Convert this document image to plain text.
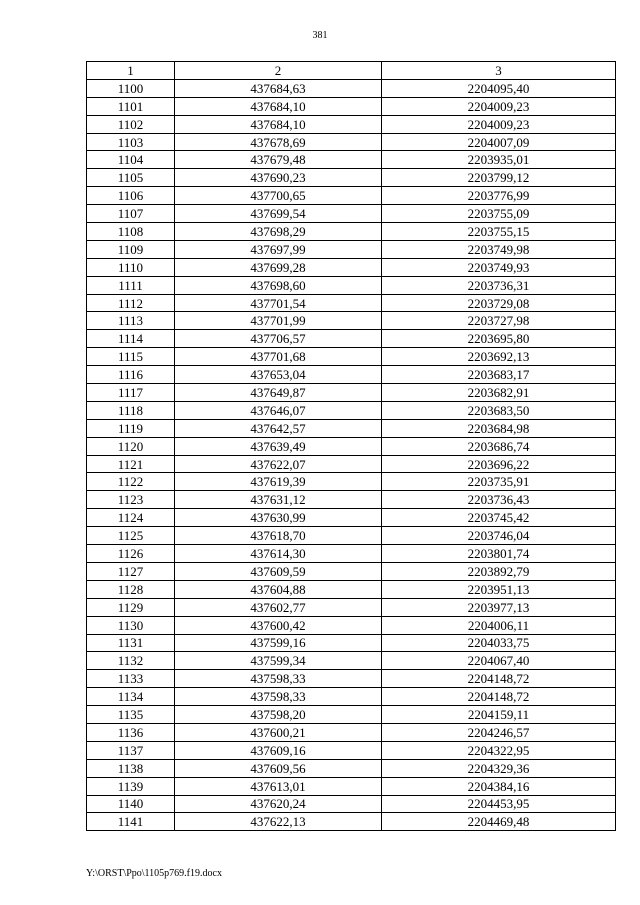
381
1	2	3
1100	437684,63	2204095,40
1101	437684,10	2204009,23
1102	437684,10	2204009,23
1103	437678,69	2204007,09
1104	437679,48	2203935,01
1105	437690,23	2203799,12
1106	437700,65	2203776,99
1107	437699,54	2203755,09
1108	437698,29	2203755,15
1109	437697,99	2203749,98
1110	437699,28	2203749,93
1111	437698,60	2203736,31
1112	437701,54	2203729,08
1113	437701,99	2203727,98
1114	437706,57	2203695,80
1115	437701,68	2203692,13
1116	437653,04	2203683,17
1117	437649,87	2203682,91
1118	437646,07	2203683,50
1119	437642,57	2203684,98
1120	437639,49	2203686,74
1121	437622,07	2203696,22
1122	437619,39	2203735,91
1123	437631,12	2203736,43
1124	437630,99	2203745,42
1125	437618,70	2203746,04
1126	437614,30	2203801,74
1127	437609,59	2203892,79
1128	437604,88	2203951,13
1129	437602,77	2203977,13
1130	437600,42	2204006,11
1131	437599,16	2204033,75
1132	437599,34	2204067,40
1133	437598,33	2204148,72
1134	437598,33	2204148,72
1135	437598,20	2204159,11
1136	437600,21	2204246,57
1137	437609,16	2204322,95
1138	437609,56	2204329,36
1139	437613,01	2204384,16
1140	437620,24	2204453,95
1141	437622,13	2204469,48
Y:\ORST\Ppo\1105p769.f19.docx
